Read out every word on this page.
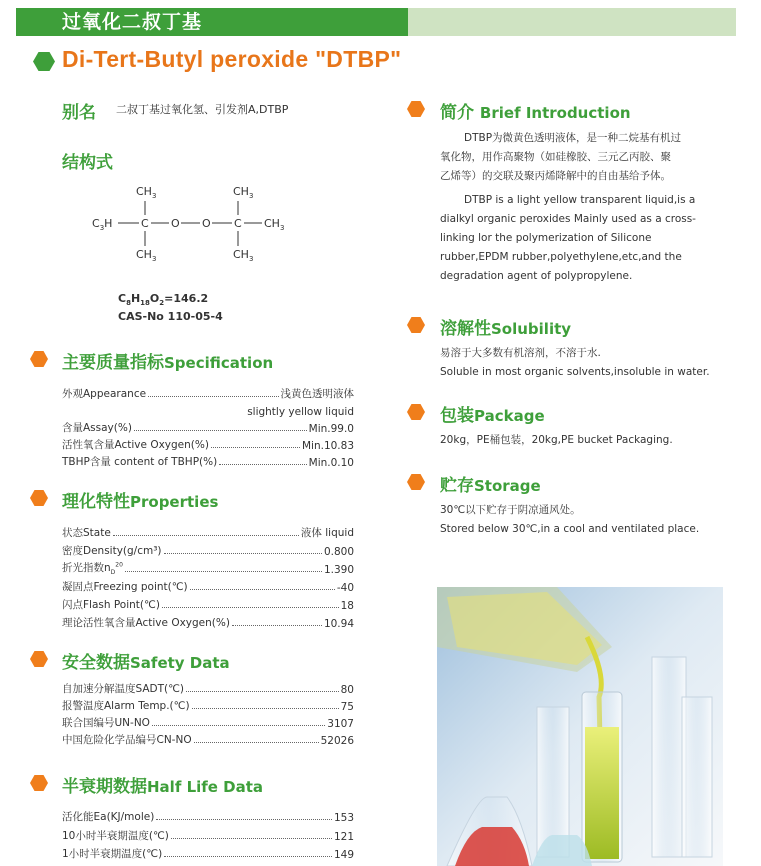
过氧化二叔丁基
Di-Tert-Butyl peroxide "DTBP"
别名 二叔丁基过氧化氢、引发剂A,DTBP
结构式
$CH_3$	$CH_3$
$C_3H$	C O O C $CH_3$
$CH_3$	$CH_3$
$C_8H_{18}O_2=146.2$
CAS-No 110-05-4
主要质量指标Specification
外观Appearance	浅黄色透明液体
slightly yellow liquid
含量Assay(%)	Min.99.0
活性氧含量Active Oxygen(%)	Min.10.83
TBHP含量 content of TBHP(%)	Min.0.10
理化特性Properties
状态State	液体 liquid
密度Density(g/cm³)	0.800
折光指数$n_D^{20}$	1.390
凝固点Freezing point(℃)	-40
闪点Flash Point(℃)	18
理论活性氧含量Active Oxygen(%)	10.94
安全数据Safety Data
自加速分解温度SADT(℃)	80
报警温度Alarm Temp.(℃)	75
联合国编号UN-NO	3107
中国危险化学品编号CN-NO	52026
半衰期数据Half Life Data
活化能Ea(KJ/mole)	153
10小时半衰期温度(℃)	121
1小时半衰期温度(℃)	149
简介 Brief Introduction
DTBP为微黄色透明液体，是一种二烷基有机过
氧化物，用作高聚物（如硅橡胶、三元乙丙胶、聚
乙烯等）的交联及聚丙烯降解中的自由基给予体。
DTBP is a light yellow transparent liquid,is a
dialkyl organic peroxides Mainly used as a cross-
linking lor the polymerization of Silicone
rubber,EPDM rubber,polyethylene,etc,and the
degradation agent of polypropylene.
溶解性Solubility
易溶于大多数有机溶剂，不溶于水.
Soluble in most organic solvents,insoluble in water.
包装Package
20kg，PE桶包装，20kg,PE bucket Packaging.
贮存Storage
30℃以下贮存于阴凉通风处。
Stored below 30℃,in a cool and ventilated place.
